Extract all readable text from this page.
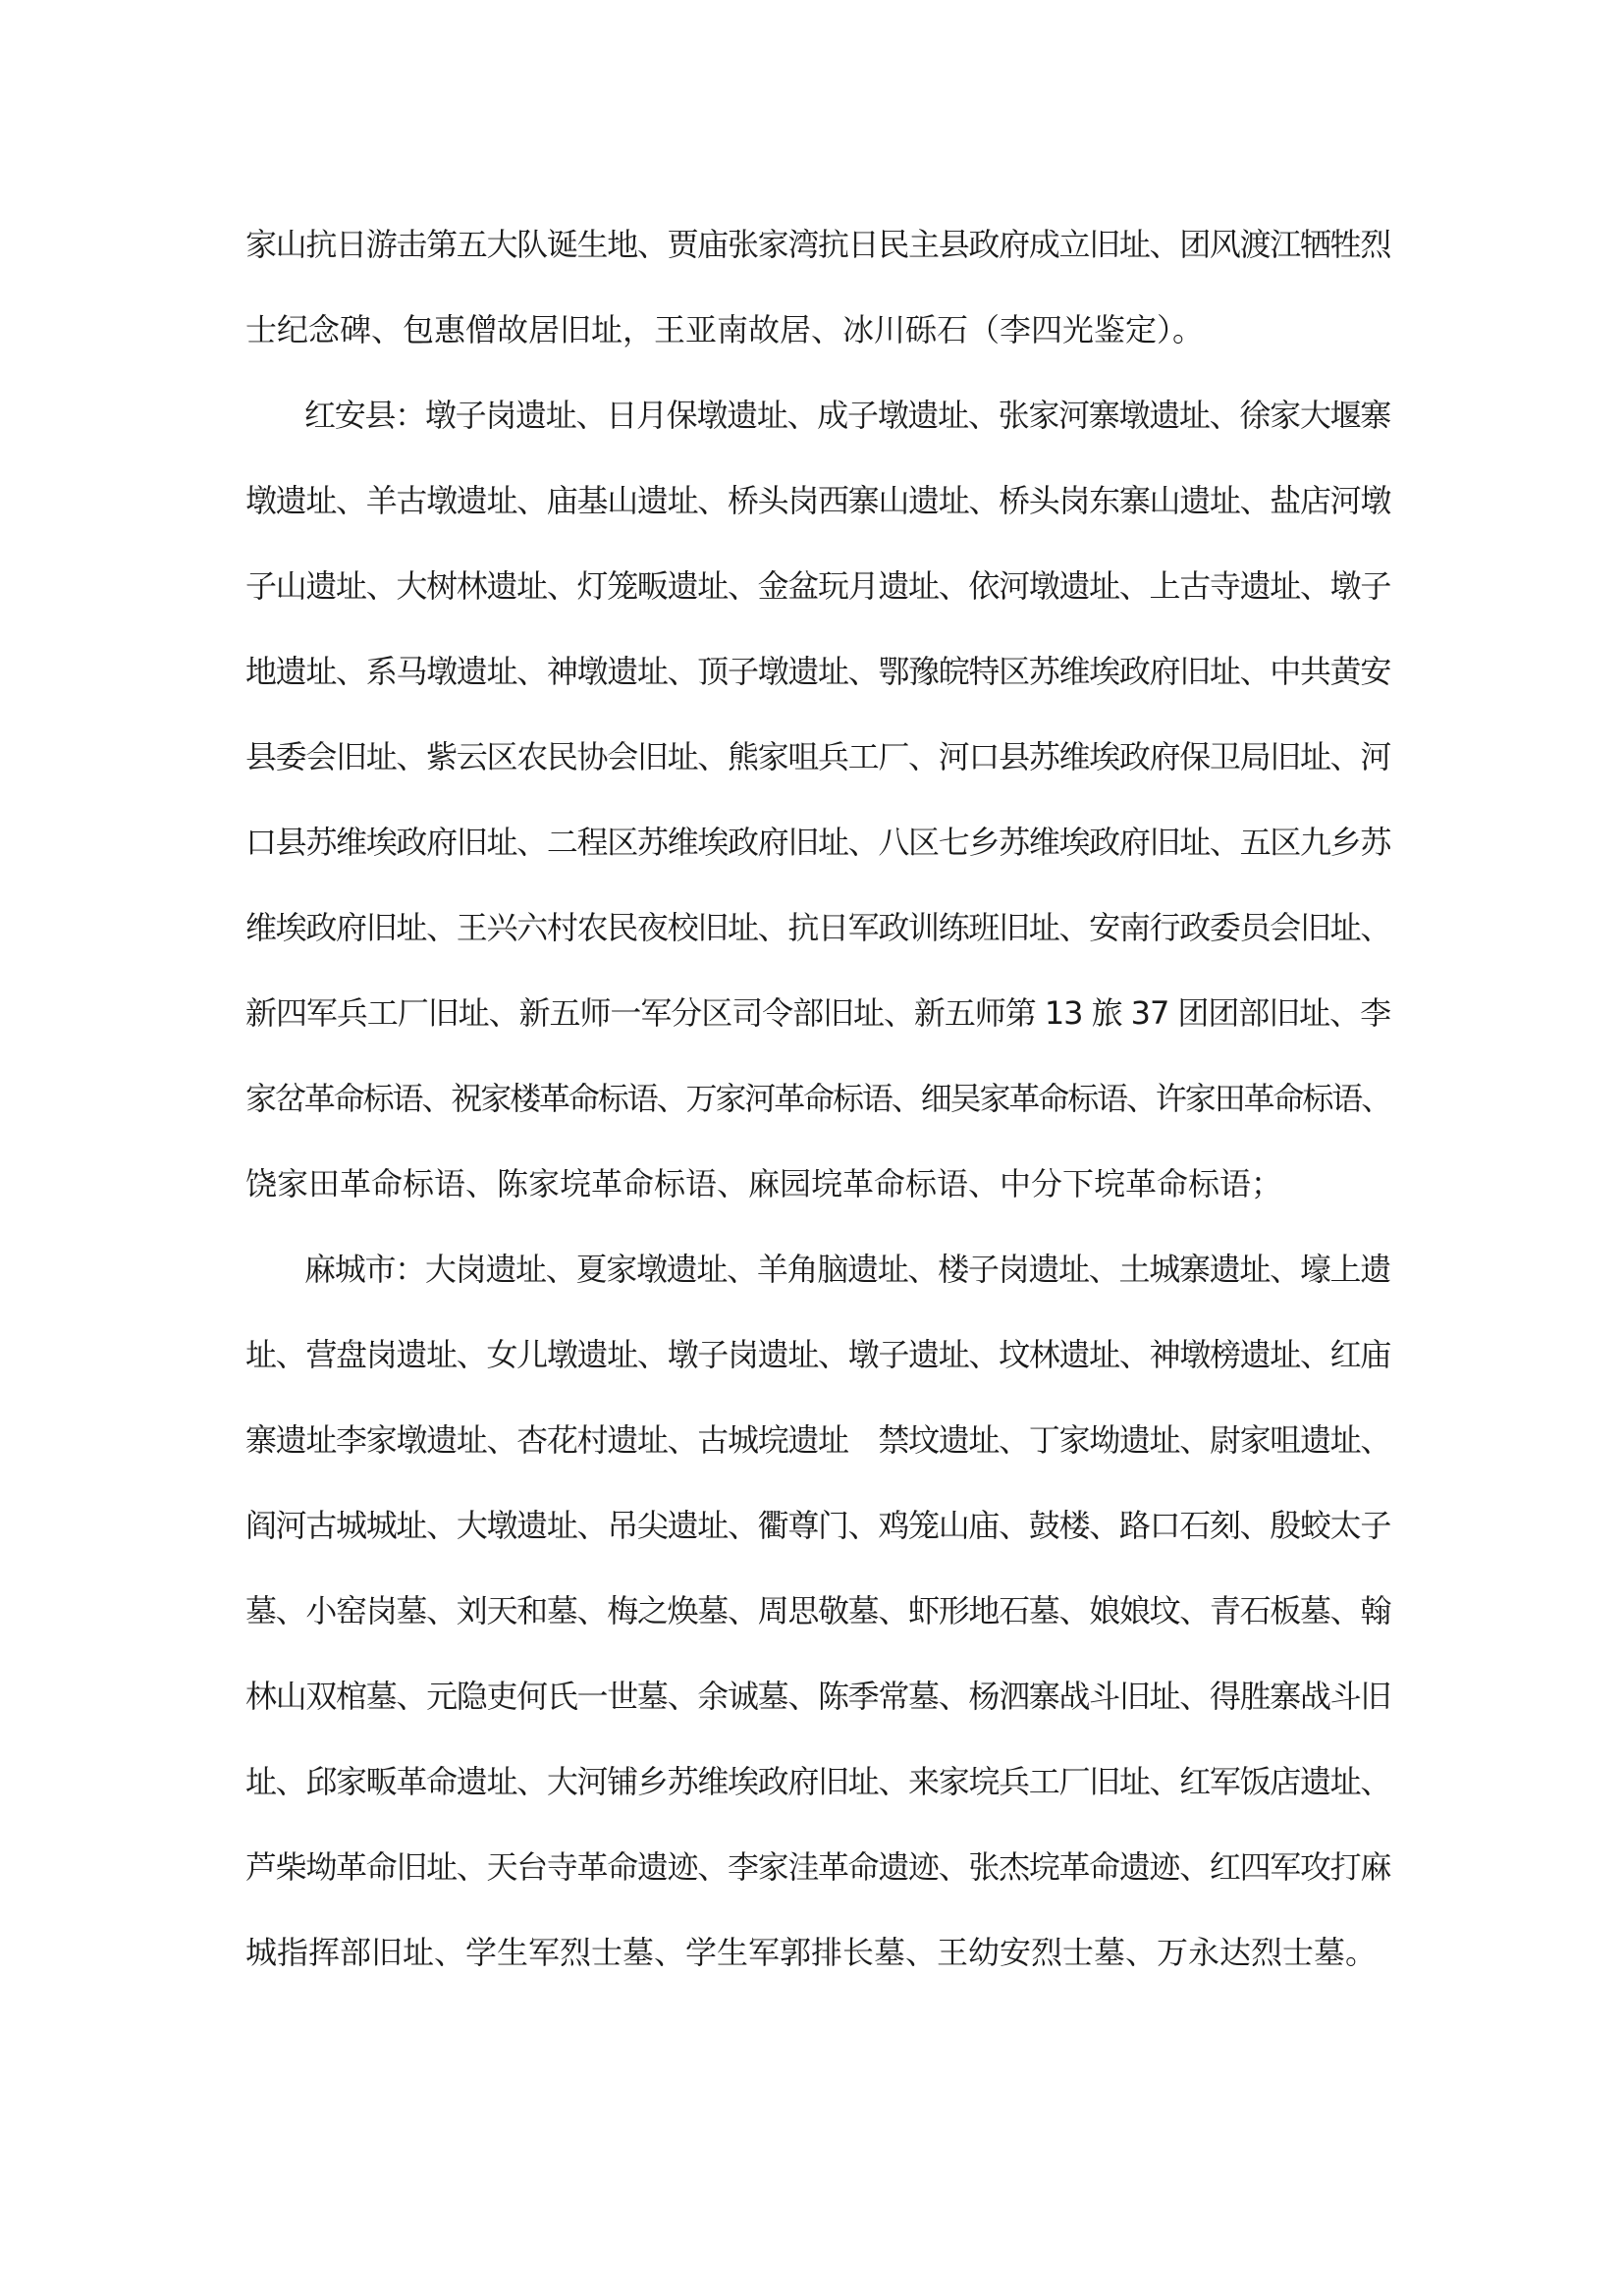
家山抗日游击第五大队诞生地、贾庙张家湾抗日民主县政府成立旧址、团风渡江牺牲烈
士纪念碑、包惠僧故居旧址，王亚南故居、冰川砾石（李四光鉴定）。
红安县：墩子岗遗址、日月保墩遗址、成子墩遗址、张家河寨墩遗址、徐家大堰寨
墩遗址、羊古墩遗址、庙基山遗址、桥头岗西寨山遗址、桥头岗东寨山遗址、盐店河墩
子山遗址、大树林遗址、灯笼畈遗址、金盆玩月遗址、依河墩遗址、上古寺遗址、墩子
地遗址、系马墩遗址、神墩遗址、顶子墩遗址、鄂豫皖特区苏维埃政府旧址、中共黄安
县委会旧址、紫云区农民协会旧址、熊家咀兵工厂、河口县苏维埃政府保卫局旧址、河
口县苏维埃政府旧址、二程区苏维埃政府旧址、八区七乡苏维埃政府旧址、五区九乡苏
维埃政府旧址、王兴六村农民夜校旧址、抗日军政训练班旧址、安南行政委员会旧址、
新四军兵工厂旧址、新五师一军分区司令部旧址、新五师第 13 旅 37 团团部旧址、李
家岔革命标语、祝家楼革命标语、万家河革命标语、细吴家革命标语、许家田革命标语、
饶家田革命标语、陈家垸革命标语、麻园垸革命标语、中分下垸革命标语；
麻城市：大岗遗址、夏家墩遗址、羊角脑遗址、楼子岗遗址、土城寨遗址、壕上遗
址、营盘岗遗址、女儿墩遗址、墩子岗遗址、墩子遗址、坟林遗址、神墩榜遗址、红庙
寨遗址李家墩遗址、杏花村遗址、古城垸遗址　禁坟遗址、丁家坳遗址、尉家咀遗址、
阎河古城城址、大墩遗址、吊尖遗址、衢尊门、鸡笼山庙、鼓楼、路口石刻、殷蛟太子
墓、小窑岗墓、刘天和墓、梅之焕墓、周思敬墓、虾形地石墓、娘娘坟、青石板墓、翰
林山双棺墓、元隐吏何氏一世墓、余诚墓、陈季常墓、杨泗寨战斗旧址、得胜寨战斗旧
址、邱家畈革命遗址、大河铺乡苏维埃政府旧址、来家垸兵工厂旧址、红军饭店遗址、
芦柴坳革命旧址、天台寺革命遗迹、李家洼革命遗迹、张杰垸革命遗迹、红四军攻打麻
城指挥部旧址、学生军烈士墓、学生军郭排长墓、王幼安烈士墓、万永达烈士墓。
